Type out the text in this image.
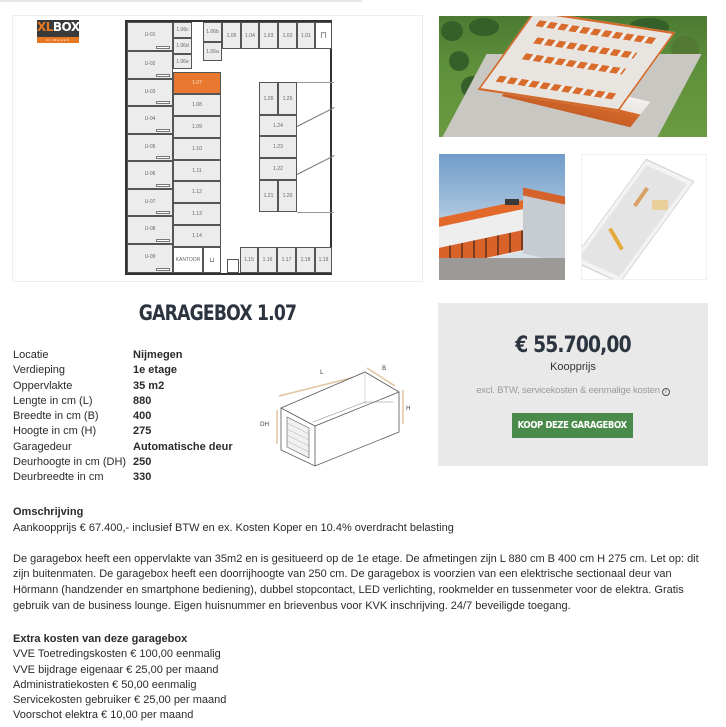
XLBOX
NIJMEGEN
U-01
U-02
U-03
U-04
U-05
U-06
U-07
U-08
U-09
1.06c
1.06d
1.06e
1.06b
1.06a
1.05	1.04	1.03	1.02	1.01	⊓
1.07
1.08
1.09
1.10
1.11
1.12
1.13
1.14
1.26	1.25
1.24
1.23
1.22
1.21	1.20
KANTOOR	⊔	1.15	1.16	1.17	1.18	1.19
GARAGEBOX 1.07
Locatie	Nijmegen
Verdieping	1e etage
Oppervlakte	35 m2
Lengte in cm (L)	880
Breedte in cm (B)	400
Hoogte in cm (H)	275
Garagedeur	Automatische deur
Deurhoogte in cm (DH) 250
Deurbreedte in cm	330
L
B
H
DH
€ 55.700,00
Koopprijs
excl. BTW, servicekosten & eenmalige kosten i
KOOP DEZE GARAGEBOX
Omschrijving

Aankoopprijs € 67.400,- inclusief BTW en ex. Kosten Koper en 10.4% overdracht belasting

De garagebox heeft een oppervlakte van 35m2 en is gesitueerd op de 1e etage. De afmetingen zijn L 880 cm B 400 cm H 275 cm. Let op: dit zijn buitenmaten. De garagebox heeft een doorrijhoogte van 250 cm. De garagebox is voorzien van een elektrische sectionaal deur van Hörmann (handzender en smartphone bediening), dubbel stopcontact, LED verlichting, rookmelder en tussenmeter voor de elektra. Gratis gebruik van de business lounge. Eigen huisnummer en brievenbus voor KVK inschrijving. 24/7 beveiligde toegang.

Extra kosten van deze garagebox
VVE Toetredingskosten € 100,00 eenmalig
VVE bijdrage eigenaar € 25,00 per maand
Administratiekosten € 50,00 eenmalig
Servicekosten gebruiker € 25,00 per maand
Voorschot elektra € 10,00 per maand
